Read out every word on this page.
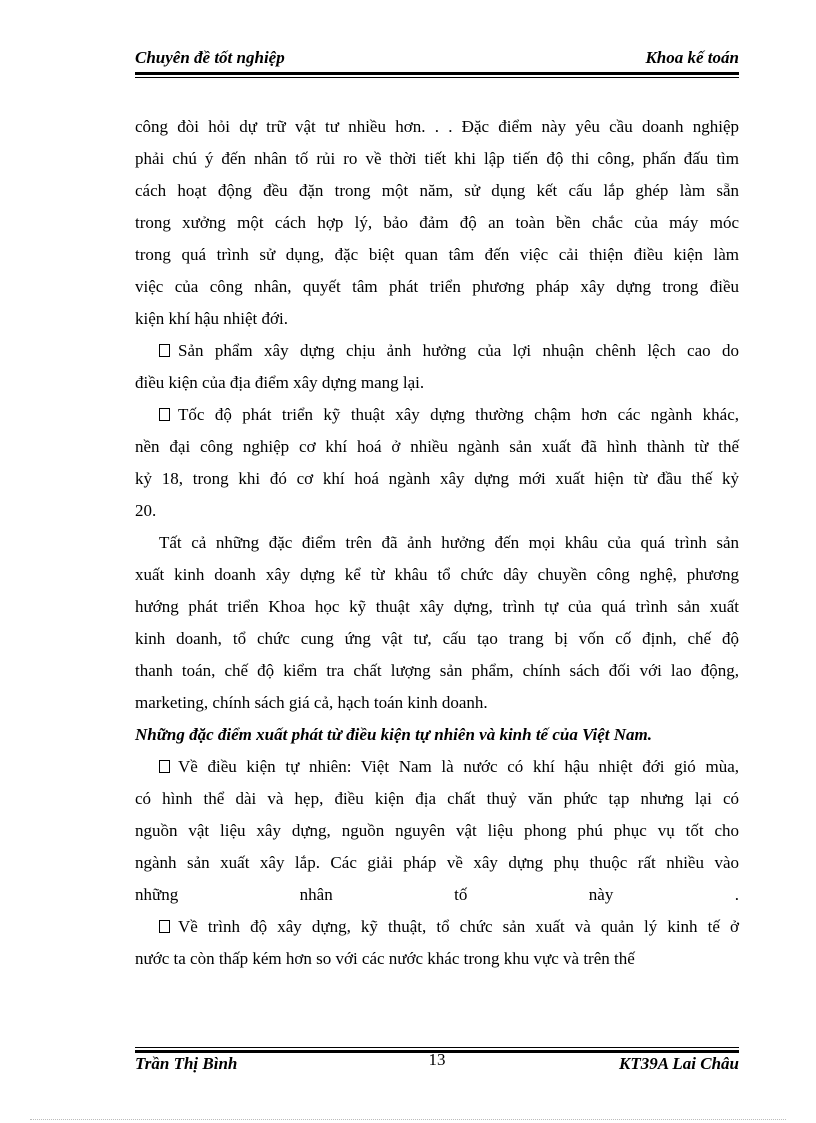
Chuyên đề tốt nghiệp	Khoa kế toán
công đòi hỏi dự trữ vật tư nhiều hơn. . . Đặc điểm này yêu cầu doanh nghiệp
phải chú ý đến nhân tố rủi ro về thời tiết khi lập tiến độ thi công, phấn đấu tìm
cách hoạt động đều đặn trong một năm, sử dụng kết cấu lắp ghép làm sẵn
trong xưởng một cách hợp lý, bảo đảm độ an toàn bền chắc của máy móc
trong quá trình sử dụng, đặc biệt quan tâm đến việc cải thiện điều kiện làm
việc của công nhân, quyết tâm phát triển phương pháp xây dựng trong điều
kiện khí hậu nhiệt đới.
Sản phẩm xây dựng chịu ảnh hưởng của lợi nhuận chênh lệch cao do
điều kiện của địa điểm xây dựng mang lại.
Tốc độ phát triển kỹ thuật xây dựng thường chậm hơn các ngành khác,
nền đại công nghiệp cơ khí hoá ở nhiều ngành sản xuất đã hình thành từ thế
kỷ 18, trong khi đó cơ khí hoá ngành xây dựng mới xuất hiện từ đầu thế kỷ
20.
Tất cả những đặc điểm trên đã ảnh hưởng đến mọi khâu của quá trình sản
xuất kinh doanh xây dựng kể từ khâu tổ chức dây chuyền công nghệ, phương
hướng phát triển Khoa học kỹ thuật xây dựng, trình tự của quá trình sản xuất
kinh doanh, tổ chức cung ứng vật tư, cấu tạo trang bị vốn cố định, chế độ
thanh toán, chế độ kiểm tra chất lượng sản phẩm, chính sách đối với lao động,
marketing, chính sách giá cả, hạch toán kinh doanh.
Những đặc điểm xuất phát từ điều kiện tự nhiên và kinh tế của Việt Nam.
Về điều kiện tự nhiên: Việt Nam là nước có khí hậu nhiệt đới gió mùa,
có hình thể dài và hẹp, điều kiện địa chất thuỷ văn phức tạp nhưng lại có
nguồn vật liệu xây dựng, nguồn nguyên vật liệu phong phú phục vụ tốt cho
ngành sản xuất xây lắp. Các giải pháp về xây dựng phụ thuộc rất nhiều vào
những nhân tố này .
Về trình độ xây dựng, kỹ thuật, tổ chức sản xuất và quản lý kinh tế ở
nước ta còn thấp kém hơn so với các nước khác trong khu vực và trên thế
Trần Thị Bình	13	KT39A Lai Châu
